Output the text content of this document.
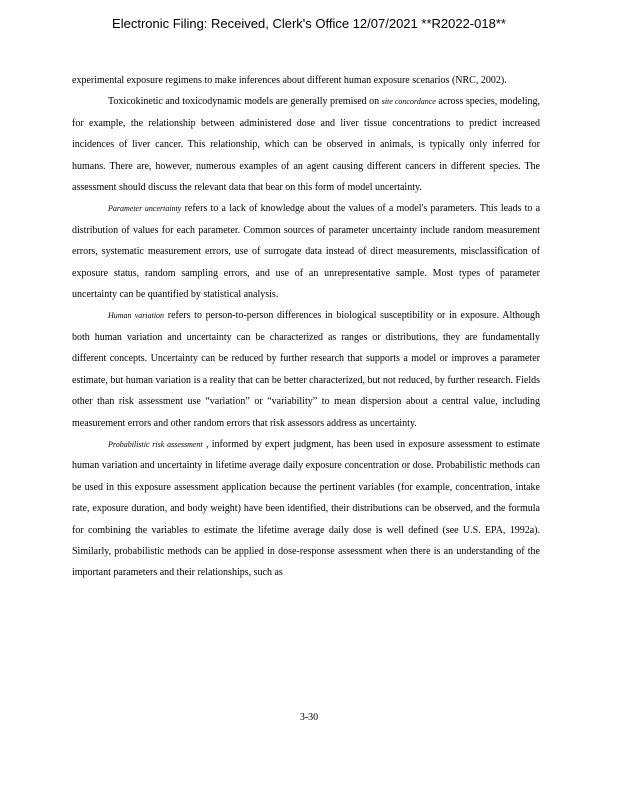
Electronic Filing: Received, Clerk's Office 12/07/2021 **R2022-018**

experimental exposure regimens to make inferences about different human exposure scenarios (NRC, 2002).

Toxicokinetic and toxicodynamic models are generally premised on site concordance across species, modeling, for example, the relationship between administered dose and liver tissue concentrations to predict increased incidences of liver cancer. This relationship, which can be observed in animals, is typically only inferred for humans. There are, however, numerous examples of an agent causing different cancers in different species. The assessment should discuss the relevant data that bear on this form of model uncertainty.

Parameter uncertainty refers to a lack of knowledge about the values of a model's parameters. This leads to a distribution of values for each parameter. Common sources of parameter uncertainty include random measurement errors, systematic measurement errors, use of surrogate data instead of direct measurements, misclassification of exposure status, random sampling errors, and use of an unrepresentative sample. Most types of parameter uncertainty can be quantified by statistical analysis.

Human variation refers to person-to-person differences in biological susceptibility or in exposure. Although both human variation and uncertainty can be characterized as ranges or distributions, they are fundamentally different concepts. Uncertainty can be reduced by further research that supports a model or improves a parameter estimate, but human variation is a reality that can be better characterized, but not reduced, by further research. Fields other than risk assessment use “variation” or “variability” to mean dispersion about a central value, including measurement errors and other random errors that risk assessors address as uncertainty.

Probabilistic risk assessment , informed by expert judgment, has been used in exposure assessment to estimate human variation and uncertainty in lifetime average daily exposure concentration or dose. Probabilistic methods can be used in this exposure assessment application because the pertinent variables (for example, concentration, intake rate, exposure duration, and body weight) have been identified, their distributions can be observed, and the formula for combining the variables to estimate the lifetime average daily dose is well defined (see U.S. EPA, 1992a). Similarly, probabilistic methods can be applied in dose-response assessment when there is an understanding of the important parameters and their relationships, such as

3-30
